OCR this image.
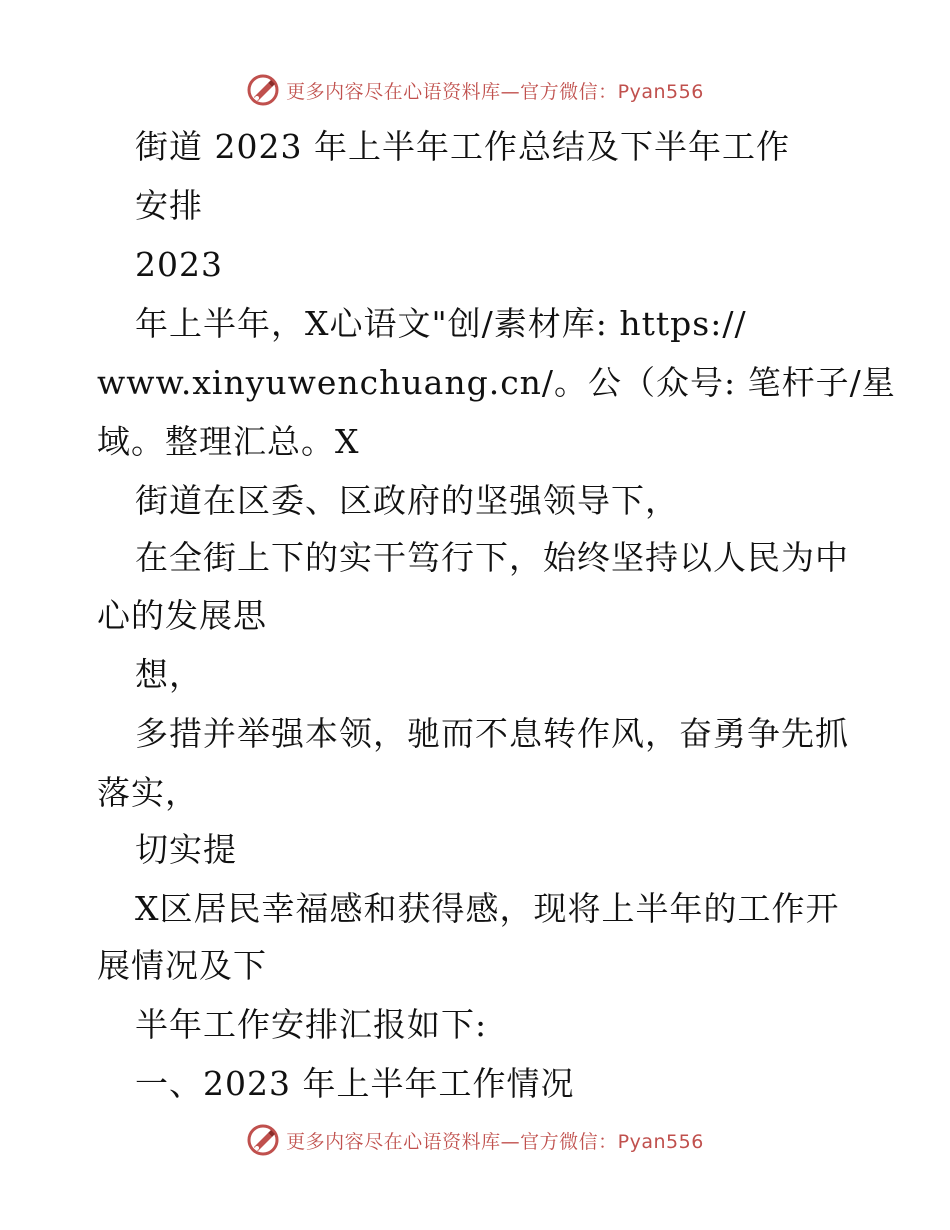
更多内容尽在心语资料库—官方微信：Pyan556
街道 2023 年上半年工作总结及下半年工作
安排
2023
年上半年，X心语文"创/素材库: https://
www.xinyuwenchuang.cn/。公（众号: 笔杆子/星
域。整理汇总。X
街道在区委、区政府的坚强领导下，
在全街上下的实干笃行下，始终坚持以人民为中
心的发展思
想，
多措并举强本领，驰而不息转作风，奋勇争先抓
落实，
切实提
X区居民幸福感和获得感，现将上半年的工作开
展情况及下
半年工作安排汇报如下:
一、2023 年上半年工作情况
更多内容尽在心语资料库—官方微信：Pyan556
